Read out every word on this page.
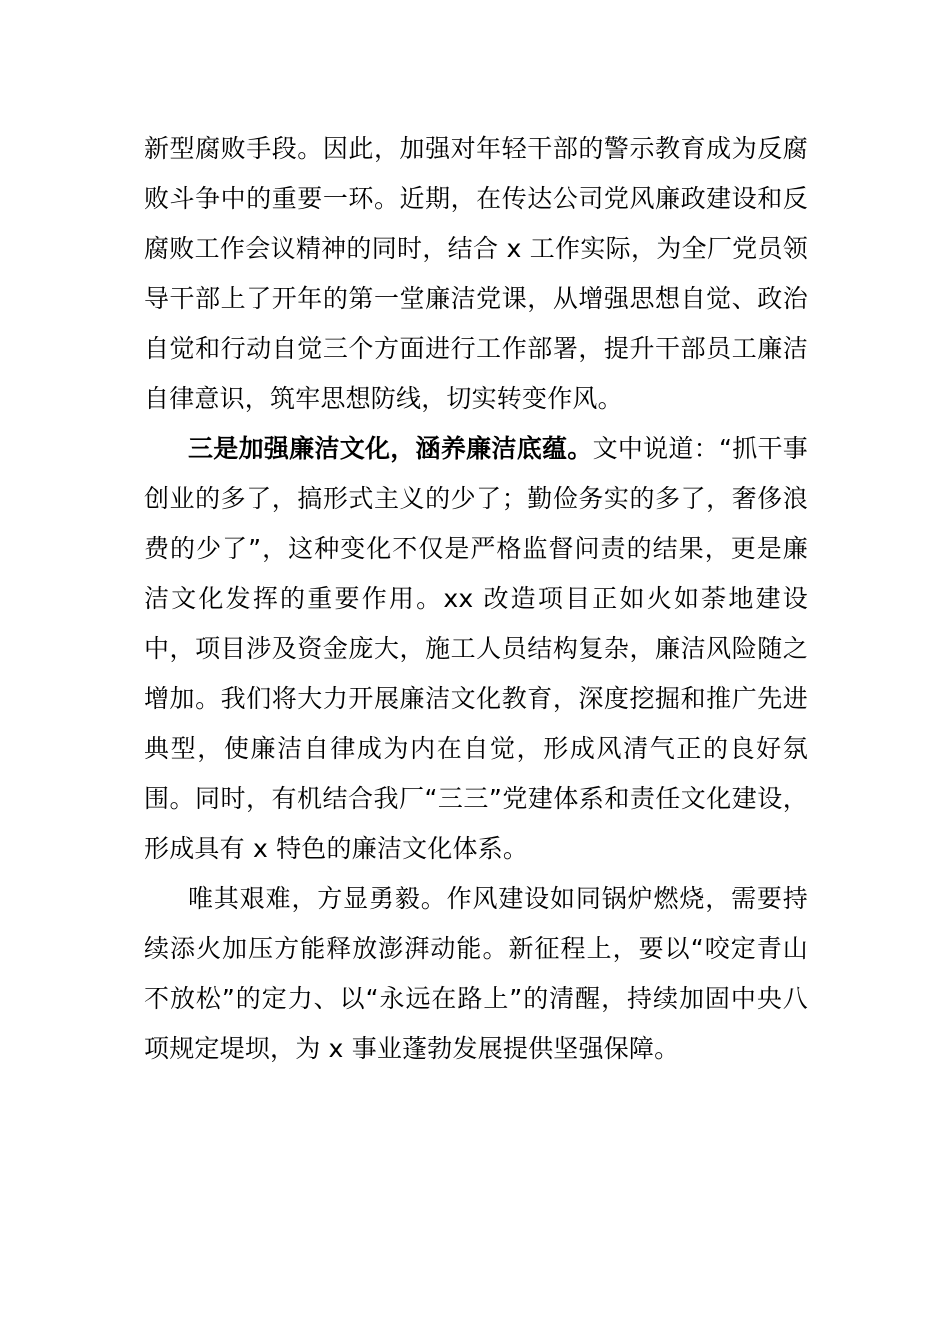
新型腐败手段。因此，加强对年轻干部的警示教育成为反腐败斗争中的重要一环。近期，在传达公司党风廉政建设和反腐败工作会议精神的同时，结合 x 工作实际，为全厂党员领导干部上了开年的第一堂廉洁党课，从增强思想自觉、政治自觉和行动自觉三个方面进行工作部署，提升干部员工廉洁自律意识，筑牢思想防线，切实转变作风。

三是加强廉洁文化，涵养廉洁底蕴。文中说道：“抓干事创业的多了，搞形式主义的少了；勤俭务实的多了，奢侈浪费的少了”，这种变化不仅是严格监督问责的结果，更是廉洁文化发挥的重要作用。xx 改造项目正如火如荼地建设中，项目涉及资金庞大，施工人员结构复杂，廉洁风险随之增加。我们将大力开展廉洁文化教育，深度挖掘和推广先进典型，使廉洁自律成为内在自觉，形成风清气正的良好氛围。同时，有机结合我厂“三三”党建体系和责任文化建设，形成具有 x 特色的廉洁文化体系。

唯其艰难，方显勇毅。作风建设如同锅炉燃烧，需要持续添火加压方能释放澎湃动能。新征程上，要以“咬定青山不放松”的定力、以“永远在路上”的清醒，持续加固中央八项规定堤坝，为 x 事业蓬勃发展提供坚强保障。
